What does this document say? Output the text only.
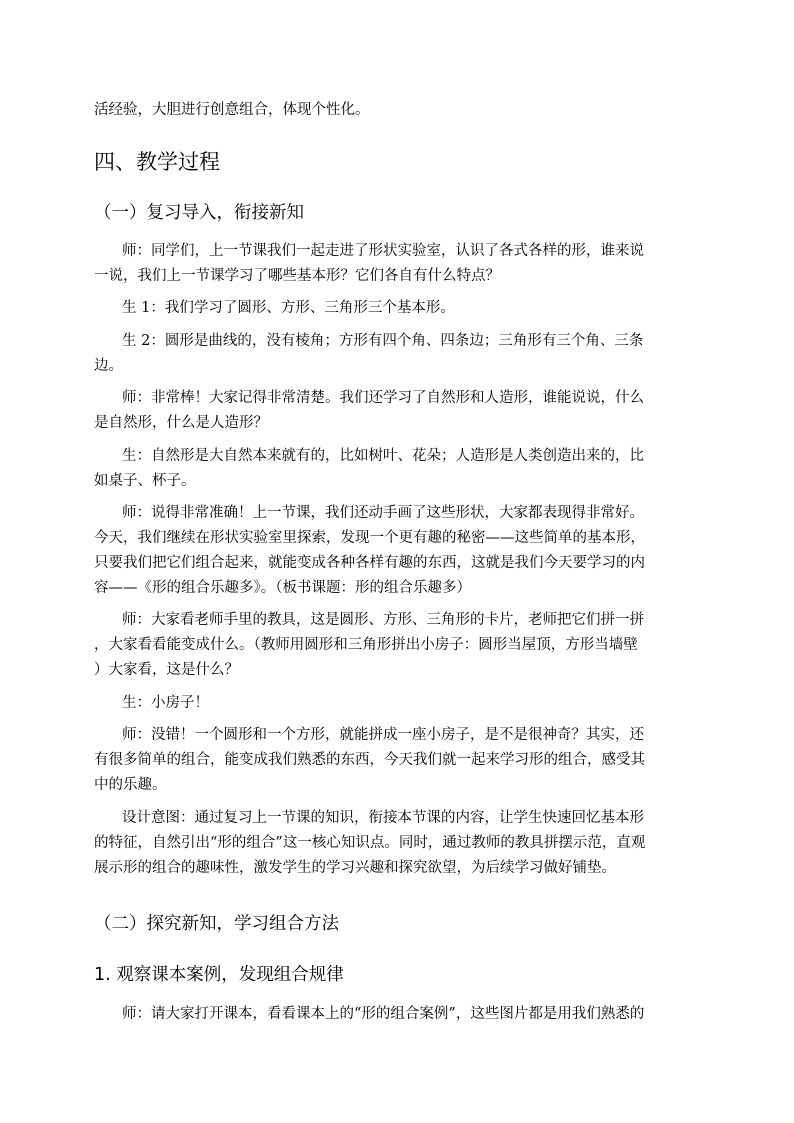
活经验，大胆进行创意组合，体现个性化。
四、教学过程
（一）复习导入，衔接新知
师：同学们，上一节课我们一起走进了形状实验室，认识了各式各样的形，谁来说
一说，我们上一节课学习了哪些基本形？它们各自有什么特点？
生 1：我们学习了圆形、方形、三角形三个基本形。
生 2：圆形是曲线的，没有棱角；方形有四个角、四条边；三角形有三个角、三条
边。
师：非常棒！大家记得非常清楚。我们还学习了自然形和人造形，谁能说说，什么
是自然形，什么是人造形？
生：自然形是大自然本来就有的，比如树叶、花朵；人造形是人类创造出来的，比
如桌子、杯子。
师：说得非常准确！上一节课，我们还动手画了这些形状，大家都表现得非常好。
今天，我们继续在形状实验室里探索，发现一个更有趣的秘密——这些简单的基本形，
只要我们把它们组合起来，就能变成各种各样有趣的东西，这就是我们今天要学习的内
容——《形的组合乐趣多》。（板书课题：形的组合乐趣多）
师：大家看老师手里的教具，这是圆形、方形、三角形的卡片，老师把它们拼一拼
，大家看看能变成什么。（教师用圆形和三角形拼出小房子：圆形当屋顶，方形当墙壁
）大家看，这是什么？
生：小房子！
师：没错！一个圆形和一个方形，就能拼成一座小房子，是不是很神奇？其实，还
有很多简单的组合，能变成我们熟悉的东西，今天我们就一起来学习形的组合，感受其
中的乐趣。
设计意图：通过复习上一节课的知识，衔接本节课的内容，让学生快速回忆基本形
的特征，自然引出“形的组合”这一核心知识点。同时，通过教师的教具拼摆示范，直观
展示形的组合的趣味性，激发学生的学习兴趣和探究欲望，为后续学习做好铺垫。
（二）探究新知，学习组合方法
1. 观察课本案例，发现组合规律
师：请大家打开课本，看看课本上的“形的组合案例”，这些图片都是用我们熟悉的
